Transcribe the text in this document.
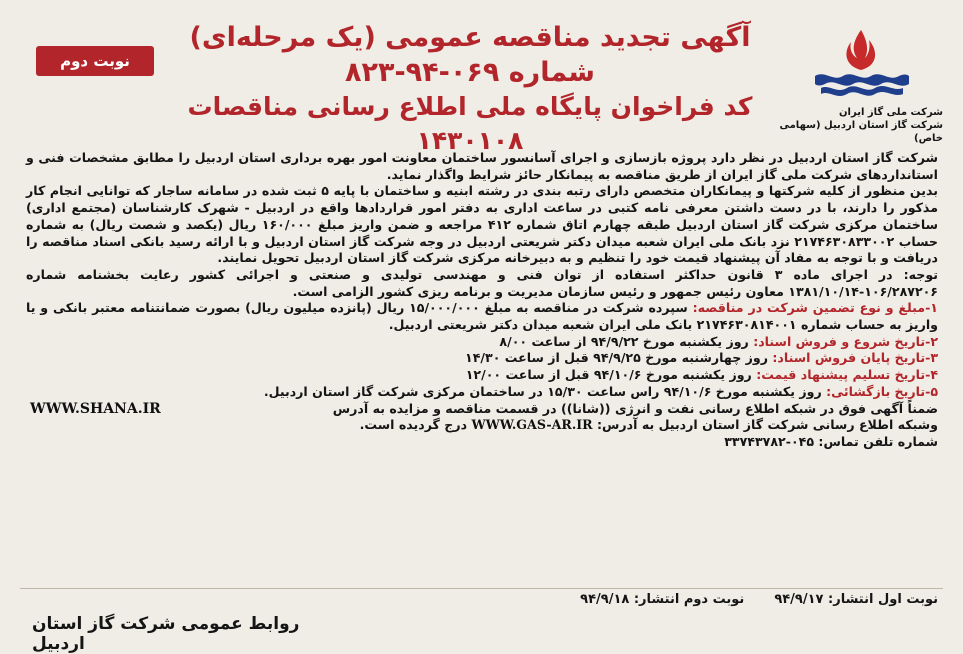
نوبت دوم
آگهی تجدید مناقصه عمومی (یک مرحله‌ای)
شماره ۰۶۹-۹۴-۸۲۳
کد فراخوان پایگاه ملی اطلاع رسانی مناقصات ۱۴۳۰۱۰۸
شرکت ملی گاز ایران
شرکت گاز استان اردبیل (سهامی خاص)

شرکت گاز استان اردبیل در نظر دارد پروژه بازسازی و اجرای آسانسور ساختمان معاونت امور بهره برداری استان اردبیل را مطابق مشخصات فنی و استانداردهای شرکت ملی گاز ایران از طریق مناقصه به پیمانکار حائز شرایط واگذار نماید.

بدین منظور از کلیه شرکتها و پیمانکاران متخصص دارای رتبه بندی در رشته ابنیه و ساختمان با پایه ۵ ثبت شده در سامانه ساجار که توانایی انجام کار مذکور را دارند، با در دست داشتن معرفی نامه کتبی در ساعت اداری به دفتر امور قراردادها واقع در اردبیل - شهرک کارشناسان (مجتمع اداری) ساختمان مرکزی شرکت گاز استان اردبیل طبقه چهارم اتاق شماره ۴۱۲ مراجعه و ضمن واریز مبلغ ۱۶۰/۰۰۰ ریال (یکصد و شصت ریال) به شماره حساب ۲۱۷۴۶۳۰۸۳۳۰۰۲ نزد بانک ملی ایران شعبه میدان دکتر شریعتی اردبیل در وجه شرکت گاز استان اردبیل و با ارائه رسید بانکی اسناد مناقصه را دریافت و با توجه به مفاد آن پیشنهاد قیمت خود را تنظیم و به دبیرخانه مرکزی شرکت گاز استان اردبیل تحویل نمایند.

توجه: در اجرای ماده ۳ قانون حداکثر استفاده از توان فنی و مهندسی تولیدی و صنعتی و اجرائی کشور رعایت بخشنامه شماره ۱۰۶/۲۸۷۲۰۶-۱۳۸۱/۱۰/۱۴ معاون رئیس جمهور و رئیس سازمان مدیریت و برنامه ریزی کشور الزامی است.

۱-مبلغ و نوع تضمین شرکت در مناقصه: سپرده شرکت در مناقصه به مبلغ ۱۵/۰۰۰/۰۰۰ ریال (پانزده میلیون ریال) بصورت ضمانتنامه معتبر بانکی و یا واریز به حساب شماره ۲۱۷۴۶۳۰۸۱۴۰۰۱ بانک ملی ایران شعبه میدان دکتر شریعتی اردبیل.

۲-تاریخ شروع و فروش اسناد: روز یکشنبه مورخ ۹۴/۹/۲۲ از ساعت ۸/۰۰

۳-تاریخ پایان فروش اسناد: روز چهارشنبه مورخ ۹۴/۹/۲۵ قبل از ساعت ۱۴/۳۰

۴-تاریخ تسلیم پیشنهاد قیمت: روز یکشنبه مورخ ۹۴/۱۰/۶ قبل از ساعت ۱۲/۰۰

۵-تاریخ بازگشائی: روز یکشنبه مورخ ۹۴/۱۰/۶ راس ساعت ۱۵/۳۰ در ساختمان مرکزی شرکت گاز استان اردبیل.

ضمناً آگهی فوق در شبکه اطلاع رسانی نفت و انرژی ((شانا)) در قسمت مناقصه و مزایده به آدرس
WWW.SHANA.IR

وشبکه اطلاع رسانی شرکت گاز استان اردبیل به آدرس: WWW.GAS-AR.IR درج گردیده است.

شماره تلفن تماس: ۰۴۵-۳۳۷۴۳۷۸۲

نوبت اول انتشار: ۹۴/۹/۱۷
نوبت دوم انتشار: ۹۴/۹/۱۸
روابط عمومی شرکت گاز استان اردبیل
